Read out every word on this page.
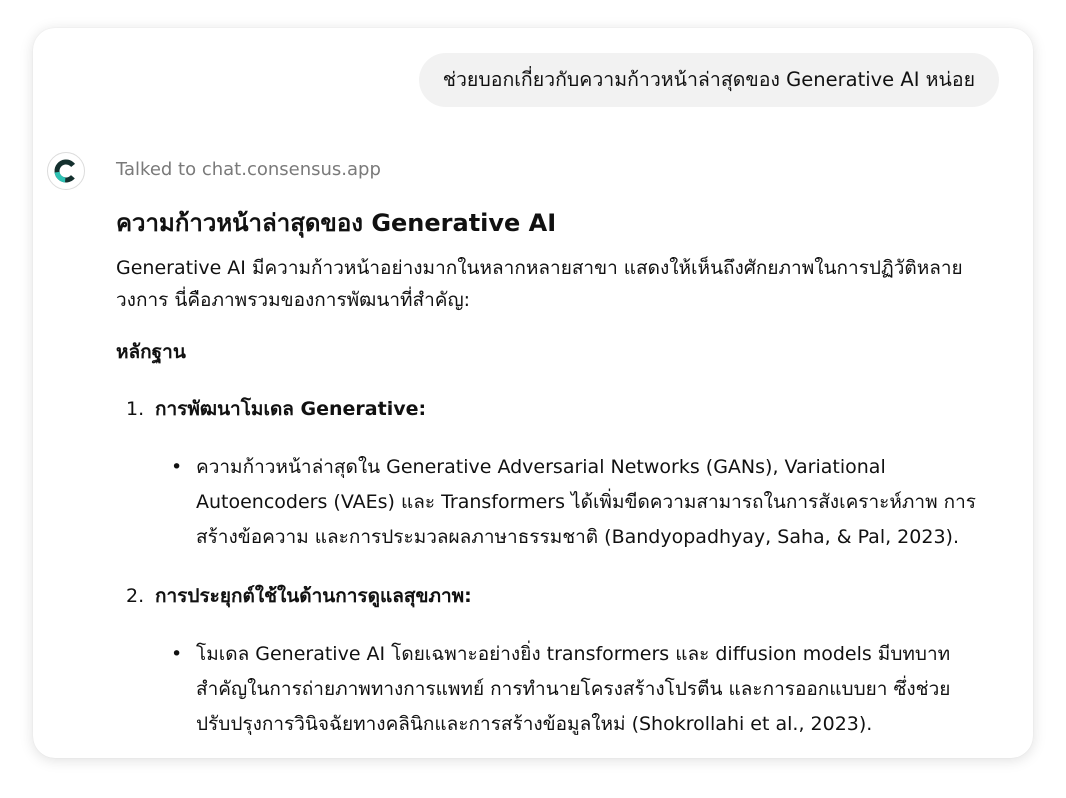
ช่วยบอกเกี่ยวกับความก้าวหน้าล่าสุดของ Generative AI หน่อย
Talked to chat.consensus.app
ความก้าวหน้าล่าสุดของ Generative AI

Generative AI มีความก้าวหน้าอย่างมากในหลากหลายสาขา แสดงให้เห็นถึงศักยภาพในการปฏิวัติหลายวงการ นี่คือภาพรวมของการพัฒนาที่สำคัญ:

หลักฐาน

1. การพัฒนาโมเดล Generative:
• ความก้าวหน้าล่าสุดใน Generative Adversarial Networks (GANs), Variational Autoencoders (VAEs) และ Transformers ได้เพิ่มขีดความสามารถในการสังเคราะห์ภาพ การสร้างข้อความ และการประมวลผลภาษาธรรมชาติ (Bandyopadhyay, Saha, & Pal, 2023).
2. การประยุกต์ใช้ในด้านการดูแลสุขภาพ:
• โมเดล Generative AI โดยเฉพาะอย่างยิ่ง transformers และ diffusion models มีบทบาทสำคัญในการถ่ายภาพทางการแพทย์ การทำนายโครงสร้างโปรตีน และการออกแบบยา ซึ่งช่วยปรับปรุงการวินิจฉัยทางคลินิกและการสร้างข้อมูลใหม่ (Shokrollahi et al., 2023).
